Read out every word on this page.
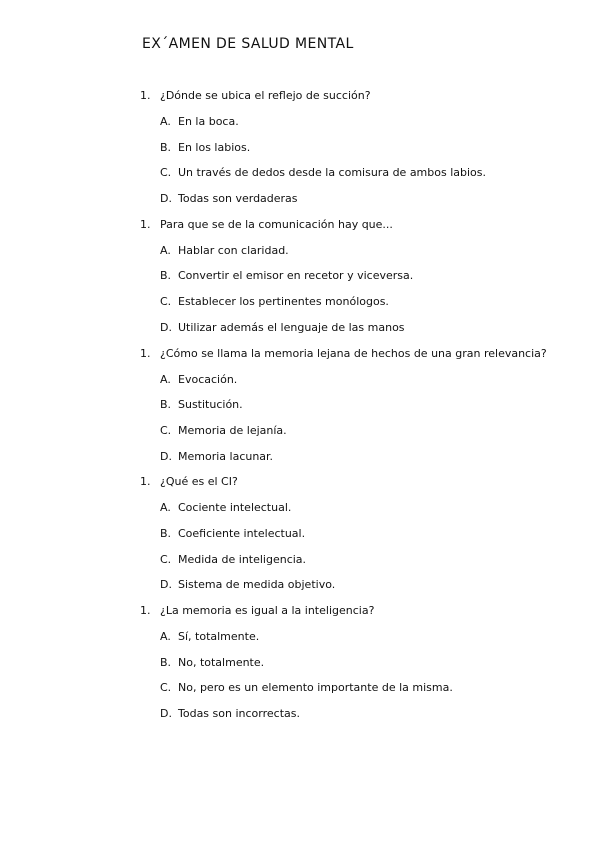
EX´AMEN DE SALUD MENTAL
1. ¿Dónde se ubica el reflejo de succión?
A. En la boca.
B. En los labios.
C. Un través de dedos desde la comisura de ambos labios.
D. Todas son verdaderas
1. Para que se de la comunicación hay que...
A. Hablar con claridad.
B. Convertir el emisor en recetor y viceversa.
C. Establecer los pertinentes monólogos.
D. Utilizar además el lenguaje de las manos
1. ¿Cómo se llama la memoria lejana de hechos de una gran relevancia?
A. Evocación.
B. Sustitución.
C. Memoria de lejanía.
D. Memoria lacunar.
1. ¿Qué es el CI?
A. Cociente intelectual.
B. Coeficiente intelectual.
C. Medida de inteligencia.
D. Sistema de medida objetivo.
1. ¿La memoria es igual a la inteligencia?
A. Sí, totalmente.
B. No, totalmente.
C. No, pero es un elemento importante de la misma.
D. Todas son incorrectas.
